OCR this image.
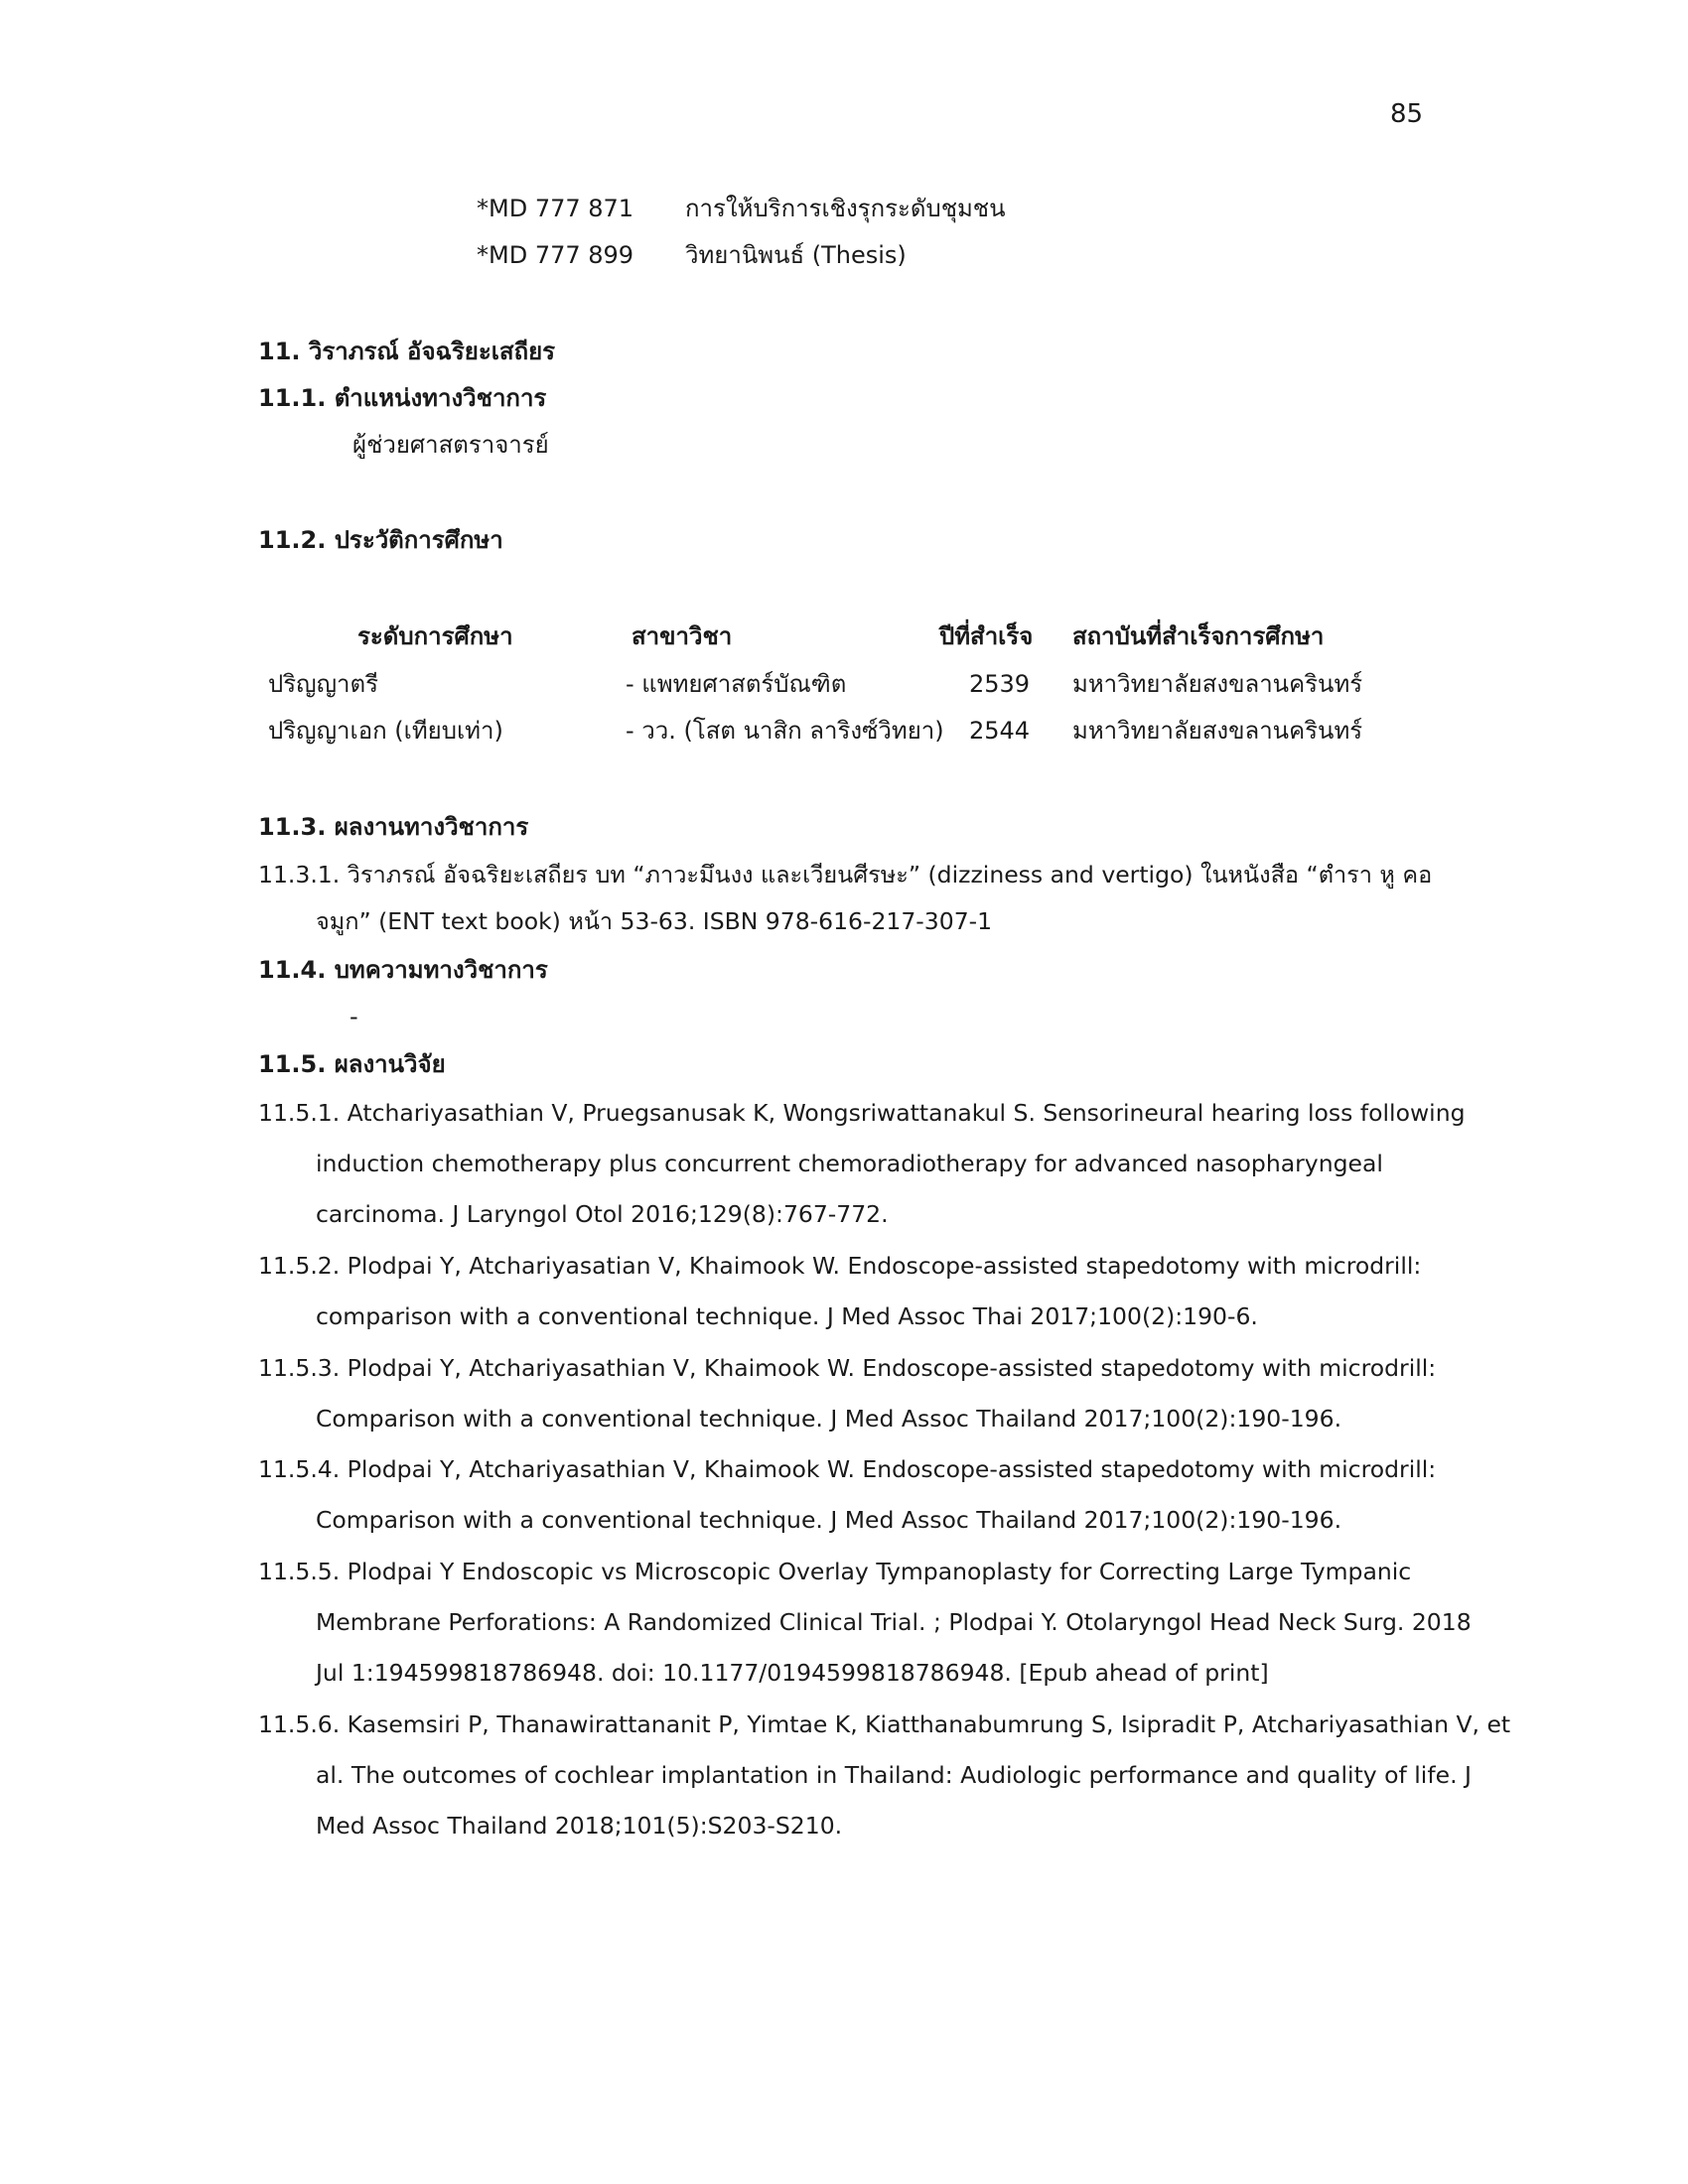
85
*MD 777 871 การให้บริการเชิงรุกระดับชุมชน
*MD 777 899 วิทยานิพนธ์ (Thesis)
11. วิราภรณ์ อัจฉริยะเสถียร
11.1. ตำแหน่งทางวิชาการ
ผู้ช่วยศาสตราจารย์
11.2. ประวัติการศึกษา
ระดับการศึกษา	สาขาวิชา	ปีที่สำเร็จ สถาบันที่สำเร็จการศึกษา
ปริญญาตรี	- แพทยศาสตร์บัณฑิต	2539 มหาวิทยาลัยสงขลานครินทร์
ปริญญาเอก (เทียบเท่า)	- วว. (โสต นาสิก ลาริงซ์วิทยา) 2544 มหาวิทยาลัยสงขลานครินทร์
11.3. ผลงานทางวิชาการ
11.3.1. วิราภรณ์ อัจฉริยะเสถียร บท “ภาวะมึนงง และเวียนศีรษะ” (dizziness and vertigo) ในหนังสือ “ตำรา หู คอ
จมูก” (ENT text book) หน้า 53-63. ISBN 978-616-217-307-1
11.4. บทความทางวิชาการ
-
11.5. ผลงานวิจัย
11.5.1. Atchariyasathian V, Pruegsanusak K, Wongsriwattanakul S. Sensorineural hearing loss following
induction chemotherapy plus concurrent chemoradiotherapy for advanced nasopharyngeal
carcinoma. J Laryngol Otol 2016;129(8):767-772.
11.5.2. Plodpai Y, Atchariyasatian V, Khaimook W. Endoscope-assisted stapedotomy with microdrill:
comparison with a conventional technique. J Med Assoc Thai 2017;100(2):190-6.
11.5.3. Plodpai Y, Atchariyasathian V, Khaimook W. Endoscope-assisted stapedotomy with microdrill:
Comparison with a conventional technique. J Med Assoc Thailand 2017;100(2):190-196.
11.5.4. Plodpai Y, Atchariyasathian V, Khaimook W. Endoscope-assisted stapedotomy with microdrill:
Comparison with a conventional technique. J Med Assoc Thailand 2017;100(2):190-196.
11.5.5. Plodpai Y Endoscopic vs Microscopic Overlay Tympanoplasty for Correcting Large Tympanic
Membrane Perforations: A Randomized Clinical Trial. ; Plodpai Y. Otolaryngol Head Neck Surg. 2018
Jul 1:194599818786948. doi: 10.1177/0194599818786948. [Epub ahead of print]
11.5.6. Kasemsiri P, Thanawirattananit P, Yimtae K, Kiatthanabumrung S, Isipradit P, Atchariyasathian V, et
al. The outcomes of cochlear implantation in Thailand: Audiologic performance and quality of life. J
Med Assoc Thailand 2018;101(5):S203-S210.
